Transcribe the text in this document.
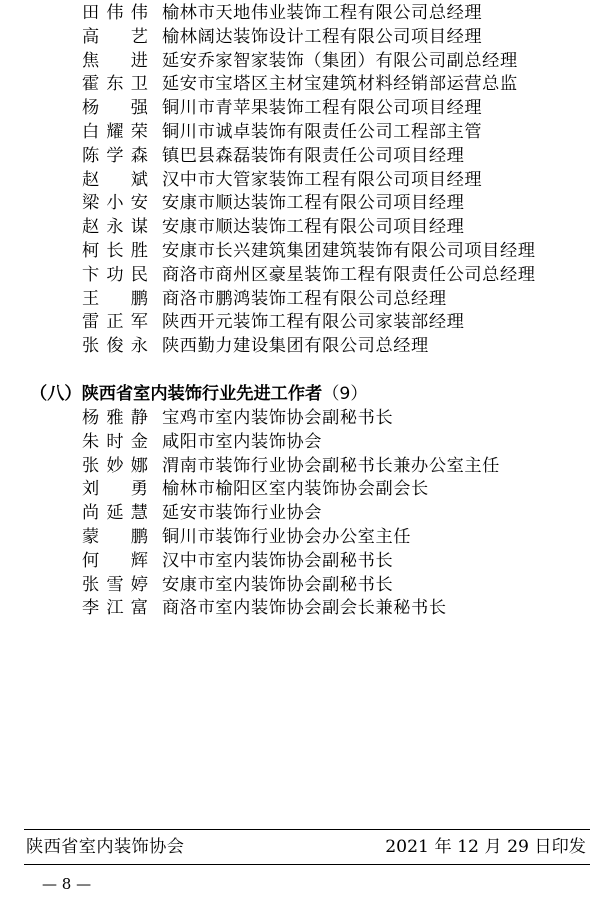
田伟伟 榆林市天地伟业装饰工程有限公司总经理
高 艺 榆林阔达装饰设计工程有限公司项目经理
焦 进 延安乔家智家装饰（集团）有限公司副总经理
霍东卫 延安市宝塔区主材宝建筑材料经销部运营总监
杨 强 铜川市青苹果装饰工程有限公司项目经理
白耀荣 铜川市诚卓装饰有限责任公司工程部主管
陈学森 镇巴县森磊装饰有限责任公司项目经理
赵 斌 汉中市大管家装饰工程有限公司项目经理
梁小安 安康市顺达装饰工程有限公司项目经理
赵永谋 安康市顺达装饰工程有限公司项目经理
柯长胜 安康市长兴建筑集团建筑装饰有限公司项目经理
卞功民 商洛市商州区豪星装饰工程有限责任公司总经理
王 鹏 商洛市鹏鸿装饰工程有限公司总经理
雷正军 陕西开元装饰工程有限公司家装部经理
张俊永 陕西勤力建设集团有限公司总经理
（八）陕西省室内装饰行业先进工作者（9）
杨雅静 宝鸡市室内装饰协会副秘书长
朱时金 咸阳市室内装饰协会
张妙娜 渭南市装饰行业协会副秘书长兼办公室主任
刘 勇 榆林市榆阳区室内装饰协会副会长
尚延慧 延安市装饰行业协会
蒙 鹏 铜川市装饰行业协会办公室主任
何 辉 汉中市室内装饰协会副秘书长
张雪婷 安康市室内装饰协会副秘书长
李江富 商洛市室内装饰协会副会长兼秘书长
陕西省室内装饰协会	2021 年 12 月 29 日印发
— 8 —
